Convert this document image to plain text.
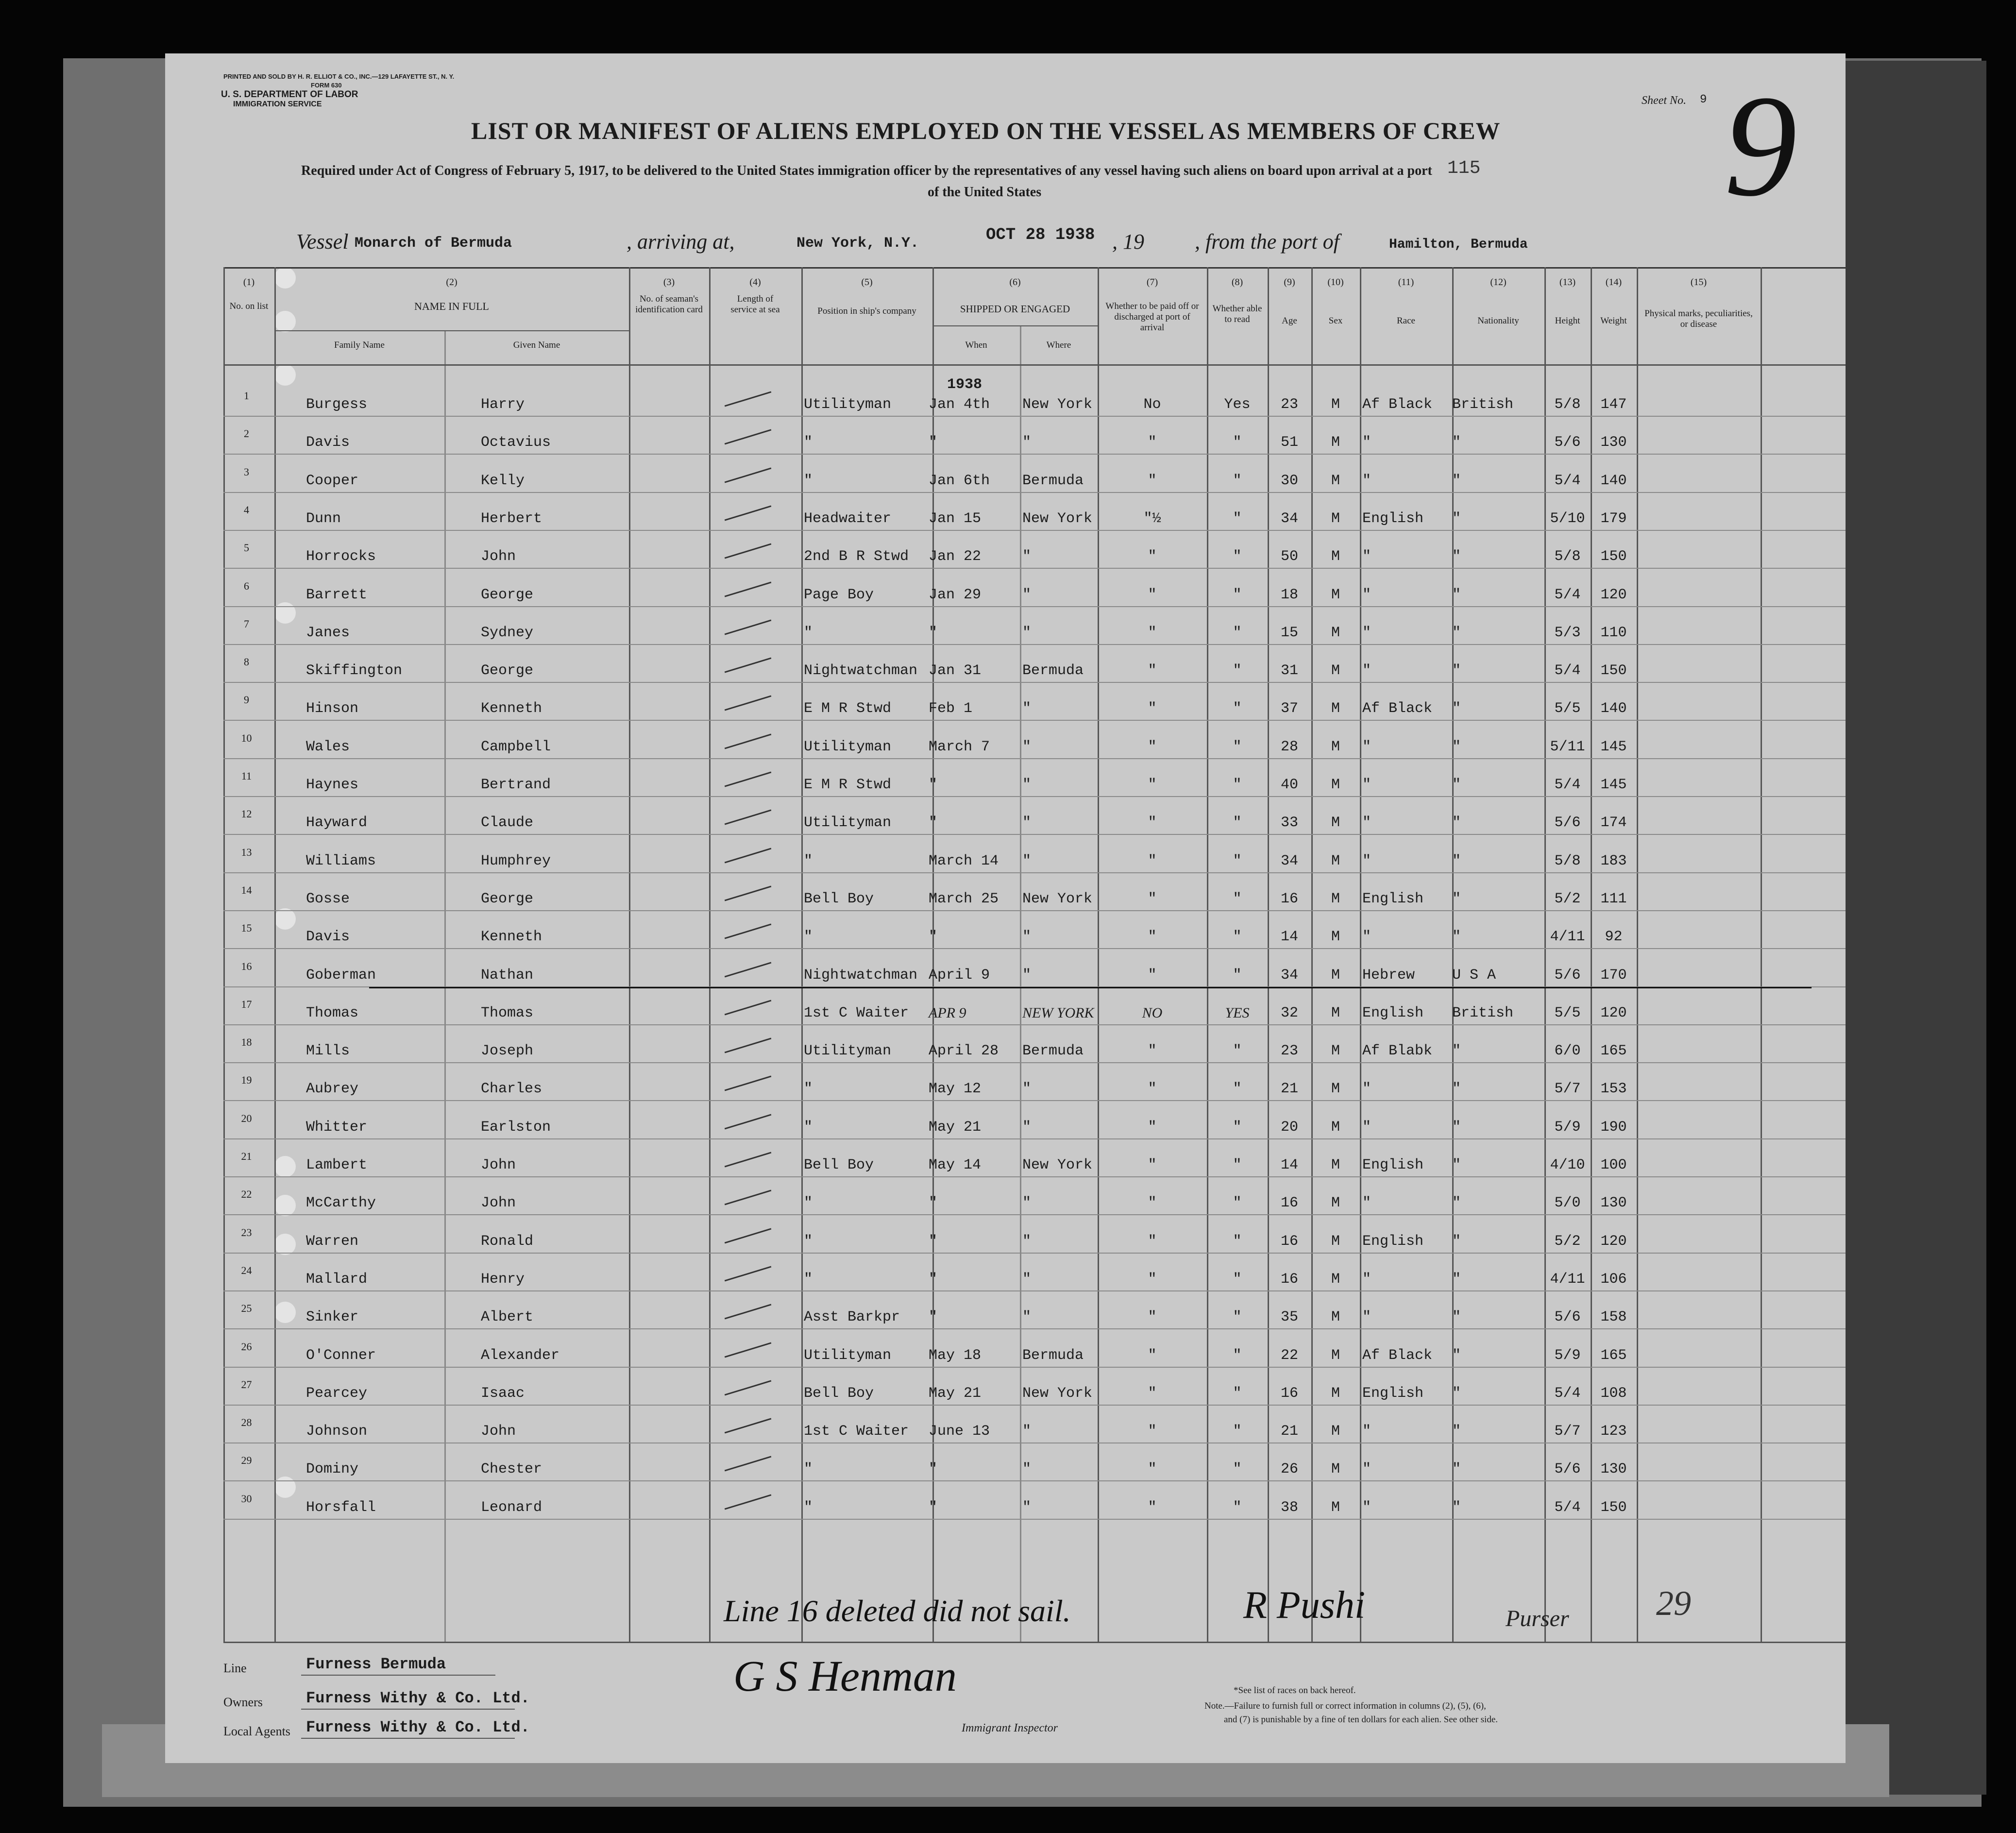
PRINTED AND SOLD BY H. R. ELLIOT & CO., INC.—129 LAFAYETTE ST., N. Y.
FORM 630
U. S. DEPARTMENT OF LABOR
IMMIGRATION SERVICE	Sheet No. 9 9
LIST OR MANIFEST OF ALIENS EMPLOYED ON THE VESSEL AS MEMBERS OF CREW
Required under Act of Congress of February 5, 1917, to be delivered to the United States immigration officer by the representatives of any vessel having such aliens on board upon arrival at a port
of the United States
115
Vessel Monarch of Bermuda	, arriving at,	New York, N.Y.	OCT 28 1938 , 19 , from the port of	Hamilton, Bermuda
(1)	(2)	(3)	(4)	(5)	(6)	(7)	(8)	(9)	(10)	(11)	(12)	(13)	(14)	(15)
No. on list	NAME IN FULL
Family Name	Given Name
No. of seaman's identification card
Length of service at sea	Position in ship's company	SHIPPED OR ENGAGED
When	Where
Whether to be paid off or discharged at port of arrival
Whether able to read	Age	Sex	Race	Nationality	Height	Weight
Physical marks, peculiarities, or disease
1938
1
Burgess	Harry	Utilityman	Jan 4th	New York	No	Yes	23	M	Af Black	British	5/8	147
2
Davis	Octavius	"	"	"	"	"	51	M	"	"	5/6	130
3
Cooper	Kelly	"	Jan 6th	Bermuda	"	"	30	M	"	"	5/4	140
4
Dunn	Herbert	Headwaiter	Jan 15	New York	"½	"	34	M	English	"	5/10	179
5
Horrocks	John	2nd B R Stwd	Jan 22	"	"	"	50	M	"	"	5/8	150
6
Barrett	George	Page Boy	Jan 29	"	"	"	18	M	"	"	5/4	120
7
Janes	Sydney	"	"	"	"	"	15	M	"	"	5/3	110
8
Skiffington	George	Nightwatchman Jan 31	Bermuda	"	"	31	M	"	"	5/4	150
9
Hinson	Kenneth	E M R Stwd	Feb 1	"	"	"	37	M	Af Black	"	5/5	140
10
Wales	Campbell	Utilityman	March 7	"	"	"	28	M	"	"	5/11	145
11
Haynes	Bertrand	E M R Stwd	"	"	"	"	40	M	"	"	5/4	145
12
Hayward	Claude	Utilityman	"	"	"	"	33	M	"	"	5/6	174
13
Williams	Humphrey	"	March 14	"	"	"	34	M	"	"	5/8	183
14
Gosse	George	Bell Boy	March 25	New York	"	"	16	M	English	"	5/2	111
15
Davis	Kenneth	"	"	"	"	"	14	M	"	"	4/11	92
16
Goberman	Nathan	Nightwatchman April 9	"	"	"	34	M	Hebrew	U S A	5/6	170
17
Thomas	Thomas	1st C Waiter	APR 9	NEW YORK	NO	YES	32	M	English	British	5/5	120
18
Mills	Joseph	Utilityman	April 28	Bermuda	"	"	23	M	Af Blabk	"	6/0	165
19
Aubrey	Charles	"	May 12	"	"	"	21	M	"	"	5/7	153
20
Whitter	Earlston	"	May 21	"	"	"	20	M	"	"	5/9	190
21
Lambert	John	Bell Boy	May 14	New York	"	"	14	M	English	"	4/10	100
22
McCarthy	John	"	"	"	"	"	16	M	"	"	5/0	130
23
Warren	Ronald	"	"	"	"	"	16	M	English	"	5/2	120
24
Mallard	Henry	"	"	"	"	"	16	M	"	"	4/11	106
25
Sinker	Albert	Asst Barkpr	"	"	"	"	35	M	"	"	5/6	158
26
O'Conner	Alexander	Utilityman	May 18	Bermuda	"	"	22	M	Af Black	"	5/9	165
27
Pearcey	Isaac	Bell Boy	May 21	New York	"	"	16	M	English	"	5/4	108
28
Johnson	John	1st C Waiter	June 13	"	"	"	21	M	"	"	5/7	123
29
Dominy	Chester	"	"	"	"	"	26	M	"	"	5/6	130
30
Horsfall	Leonard	"	"	"	"	"	38	M	"	"	5/4	150
Line 16 deleted did not sail.	R Pushi	Purser 29
Line	Furness Bermuda
Owners	Furness Withy & Co. Ltd.
Local Agents Furness Withy & Co. Ltd.
G S Henman
Immigrant Inspector
*See list of races on back hereof.
Note.—Failure to furnish full or correct information in columns (2), (5), (6),
and (7) is punishable by a fine of ten dollars for each alien. See other side.
